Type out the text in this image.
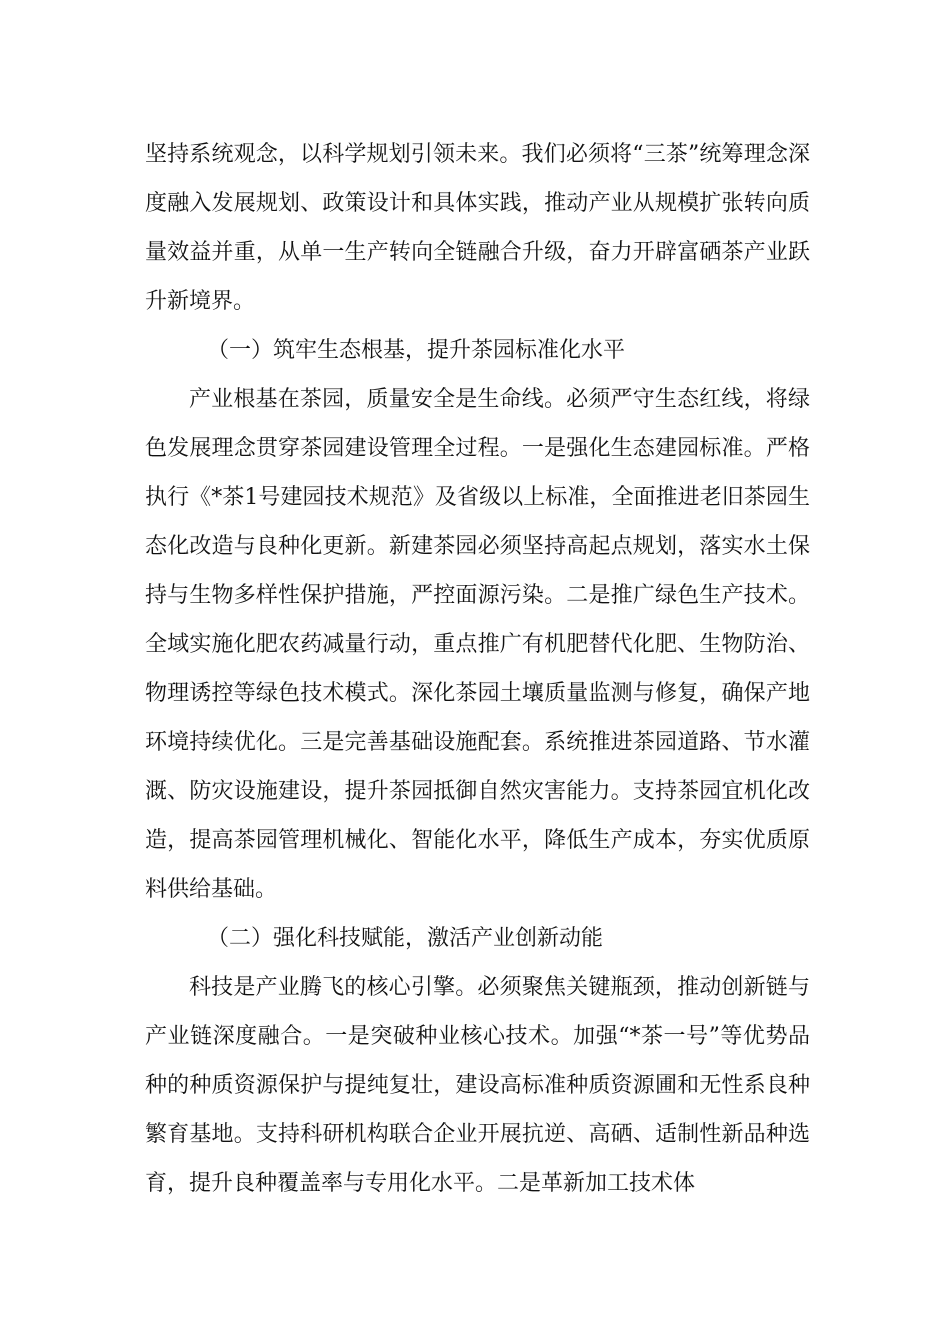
坚持系统观念，以科学规划引领未来。我们必须将“三茶”统筹理念深度融入发展规划、政策设计和具体实践，推动产业从规模扩张转向质量效益并重，从单一生产转向全链融合升级，奋力开辟富硒茶产业跃升新境界。

（一）筑牢生态根基，提升茶园标准化水平

产业根基在茶园，质量安全是生命线。必须严守生态红线，将绿色发展理念贯穿茶园建设管理全过程。一是强化生态建园标准。严格执行《*茶1号建园技术规范》及省级以上标准，全面推进老旧茶园生态化改造与良种化更新。新建茶园必须坚持高起点规划，落实水土保持与生物多样性保护措施，严控面源污染。二是推广绿色生产技术。全域实施化肥农药减量行动，重点推广有机肥替代化肥、生物防治、物理诱控等绿色技术模式。深化茶园土壤质量监测与修复，确保产地环境持续优化。三是完善基础设施配套。系统推进茶园道路、节水灌溉、防灾设施建设，提升茶园抵御自然灾害能力。支持茶园宜机化改造，提高茶园管理机械化、智能化水平，降低生产成本，夯实优质原料供给基础。

（二）强化科技赋能，激活产业创新动能

科技是产业腾飞的核心引擎。必须聚焦关键瓶颈，推动创新链与产业链深度融合。一是突破种业核心技术。加强“*茶一号”等优势品种的种质资源保护与提纯复壮，建设高标准种质资源圃和无性系良种繁育基地。支持科研机构联合企业开展抗逆、高硒、适制性新品种选育，提升良种覆盖率与专用化水平。二是革新加工技术体
